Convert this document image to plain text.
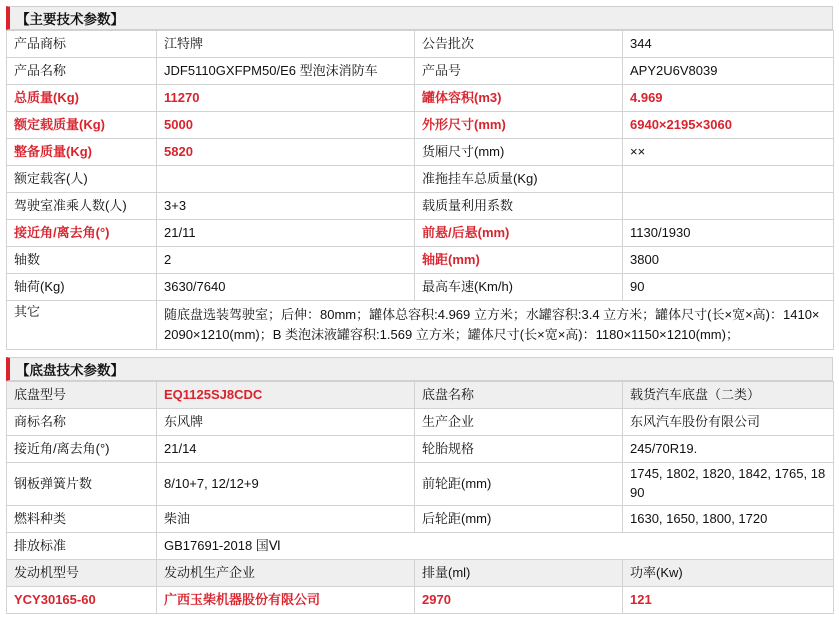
【主要技术参数】
产品商标	江特牌	公告批次	344
产品名称	JDF5110GXFPM50/E6 型泡沫消防车	产品号	APY2U6V8039
总质量(Kg)	11270	罐体容积(m3)	4.969
额定载质量(Kg)	5000	外形尺寸(mm)	6940×2195×3060
整备质量(Kg)	5820	货厢尺寸(mm)	××
额定载客(人)		准拖挂车总质量(Kg)	
驾驶室准乘人数(人)	3+3	载质量利用系数	
接近角/离去角(°)	21/11	前悬/后悬(mm)	1130/1930
轴数	2	轴距(mm)	3800
轴荷(Kg)	3630/7640	最高车速(Km/h)	90
其它	随底盘选装驾驶室；后伸：80mm；罐体总容积:4.969 立方米；水罐容积:3.4 立方米；罐体尺寸(长×宽×高)：1410×2090×1210(mm)；B 类泡沫液罐容积:1.569 立方米；罐体尺寸(长×宽×高)：1180×1150×1210(mm)；		
【底盘技术参数】
底盘型号	EQ1125SJ8CDC	底盘名称	载货汽车底盘（二类）
商标名称	东风牌	生产企业	东风汽车股份有限公司
接近角/离去角(°)	21/14	轮胎规格	245/70R19.
钢板弹簧片数	8/10+7, 12/12+9	前轮距(mm)	1745, 1802, 1820, 1842, 1765, 1890
燃料种类	柴油	后轮距(mm)	1630, 1650, 1800, 1720
排放标准	GB17691-2018 国Ⅵ		
发动机型号	发动机生产企业	排量(ml)	功率(Kw)
YCY30165-60	广西玉柴机器股份有限公司	2970	121
